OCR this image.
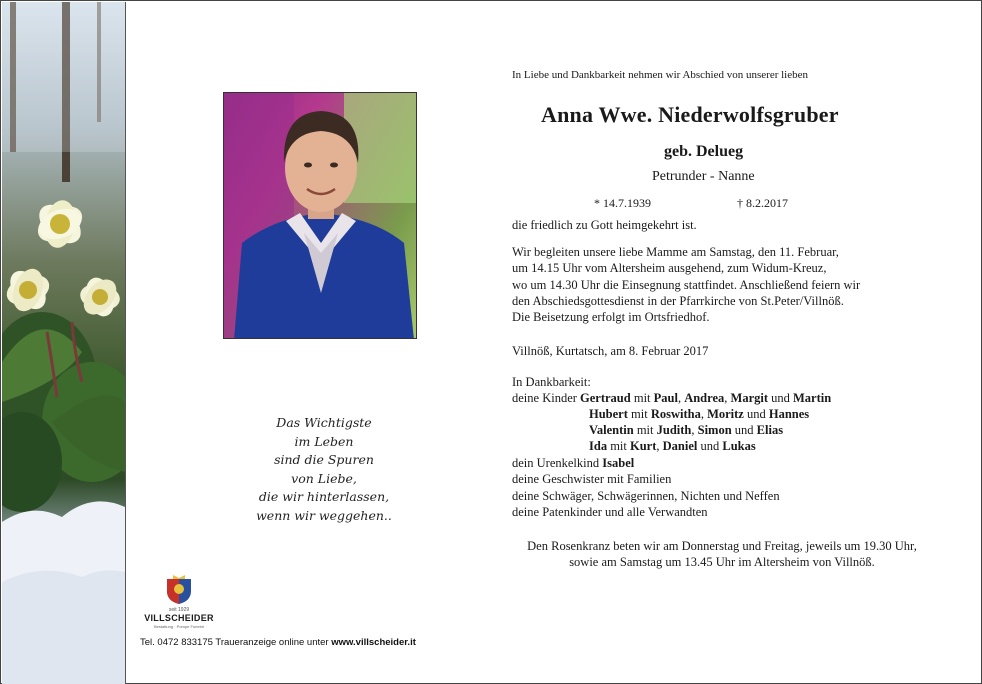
Das Wichtigste
im Leben
sind die Spuren
von Liebe,
die wir hinterlassen,
wenn wir weggehen..
seit 1929
VILLSCHEIDER
Bestattung · Pompe Funebri
Tel. 0472 833175 Traueranzeige online unter www.villscheider.it
In Liebe und Dankbarkeit nehmen wir Abschied von unserer lieben
Anna Wwe. Niederwolfsgruber
geb. Delueg
Petrunder - Nanne
* 14.7.1939	† 8.2.2017
die friedlich zu Gott heimgekehrt ist.
Wir begleiten unsere liebe Mamme am Samstag, den 11. Februar,
um 14.15 Uhr vom Altersheim ausgehend, zum Widum-Kreuz,
wo um 14.30 Uhr die Einsegnung stattfindet. Anschließend feiern wir
den Abschiedsgottesdienst in der Pfarrkirche von St.Peter/Villnöß.
Die Beisetzung erfolgt im Ortsfriedhof.
Villnöß, Kurtatsch, am 8. Februar 2017
In Dankbarkeit:
deine Kinder Gertraud mit Paul, Andrea, Margit und Martin
Hubert mit Roswitha, Moritz und Hannes
Valentin mit Judith, Simon und Elias
Ida mit Kurt, Daniel und Lukas
dein Urenkelkind Isabel
deine Geschwister mit Familien
deine Schwäger, Schwägerinnen, Nichten und Neffen
deine Patenkinder und alle Verwandten
Den Rosenkranz beten wir am Donnerstag und Freitag, jeweils um 19.30 Uhr, sowie am Samstag um 13.45 Uhr im Altersheim von Villnöß.
